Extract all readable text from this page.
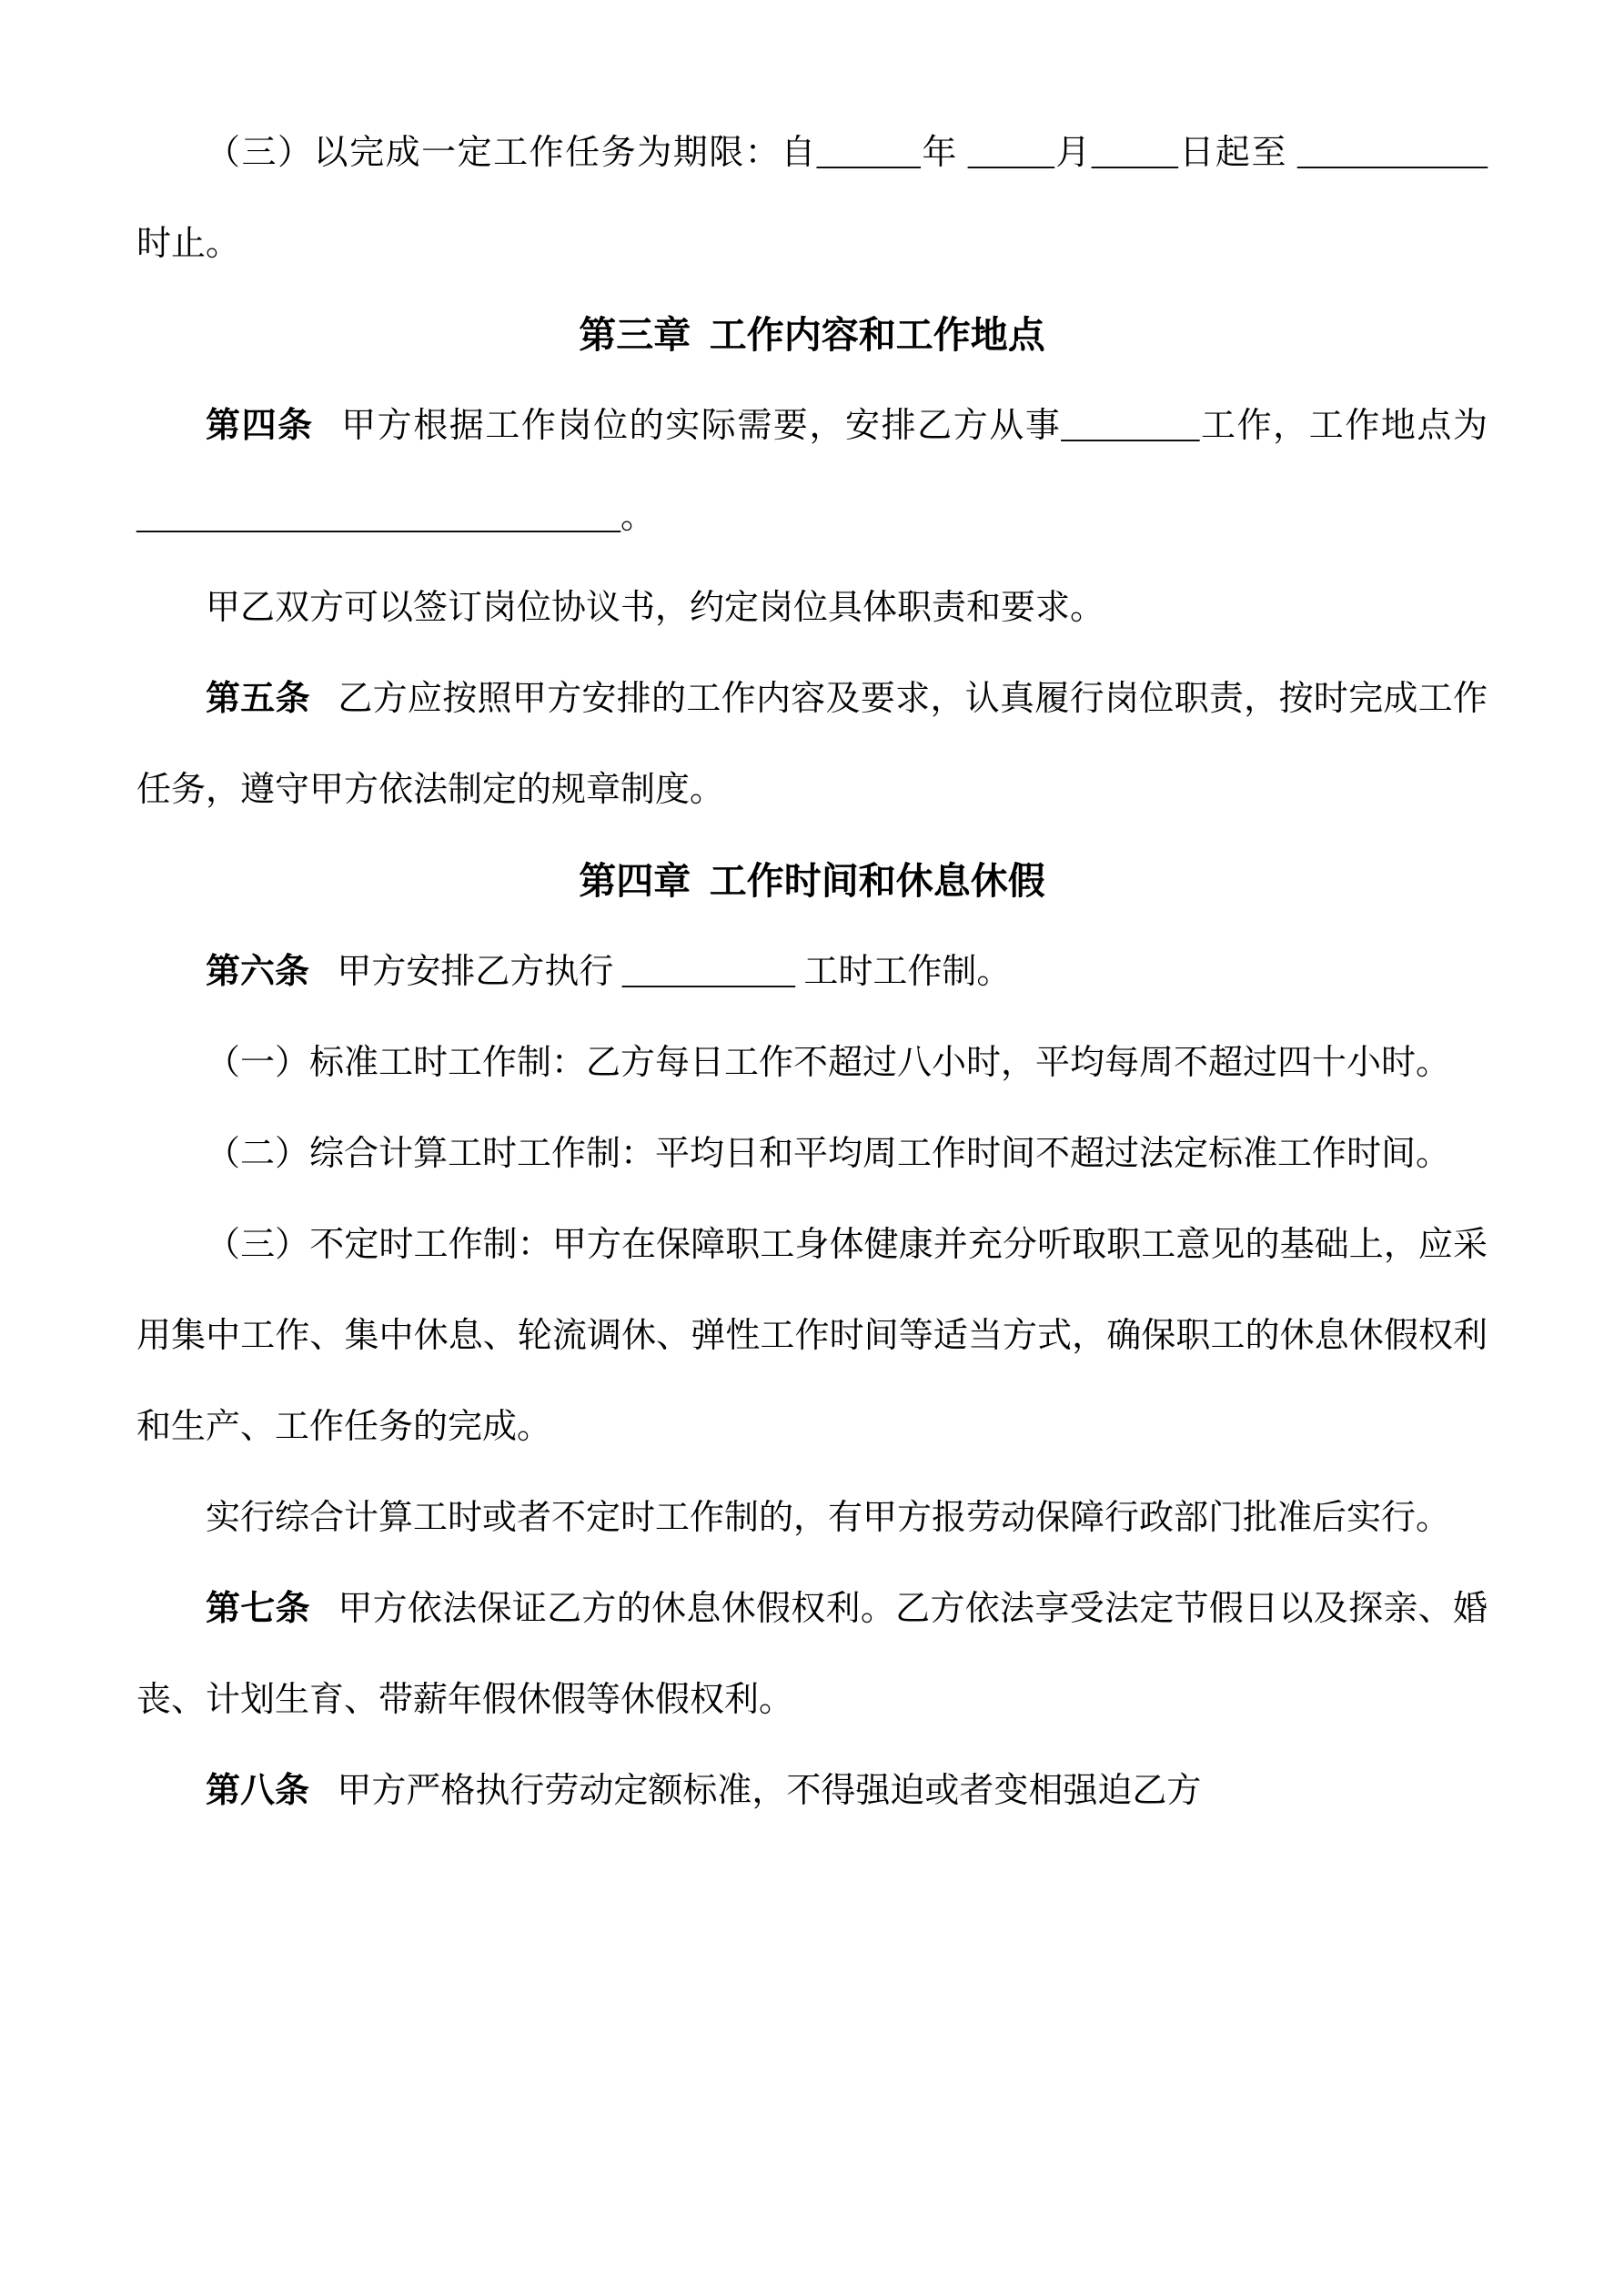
（三）以完成一定工作任务为期限：自______年 _____月_____日起至 ___________ 时止。

第三章  工作内容和工作地点

第四条 甲方根据工作岗位的实际需要，安排乙方从事________工作，工作地点为____________________________。

甲乙双方可以签订岗位协议书，约定岗位具体职责和要求。

第五条 乙方应按照甲方安排的工作内容及要求，认真履行岗位职责，按时完成工作任务，遵守甲方依法制定的规章制度。

第四章  工作时间和休息休假

第六条 甲方安排乙方执行 __________ 工时工作制。

（一）标准工时工作制：乙方每日工作不超过八小时，平均每周不超过四十小时。

（二）综合计算工时工作制：平均日和平均周工作时间不超过法定标准工作时间。

（三）不定时工作制：甲方在保障职工身体健康并充分听取职工意见的基础上，应采用集中工作、集中休息、轮流调休、弹性工作时间等适当方式，确保职工的休息休假权利和生产、工作任务的完成。

实行综合计算工时或者不定时工作制的，有甲方报劳动保障行政部门批准后实行。

第七条 甲方依法保证乙方的休息休假权利。乙方依法享受法定节假日以及探亲、婚丧、计划生育、带薪年假休假等休假权利。

第八条 甲方严格执行劳动定额标准，不得强迫或者变相强迫乙方
